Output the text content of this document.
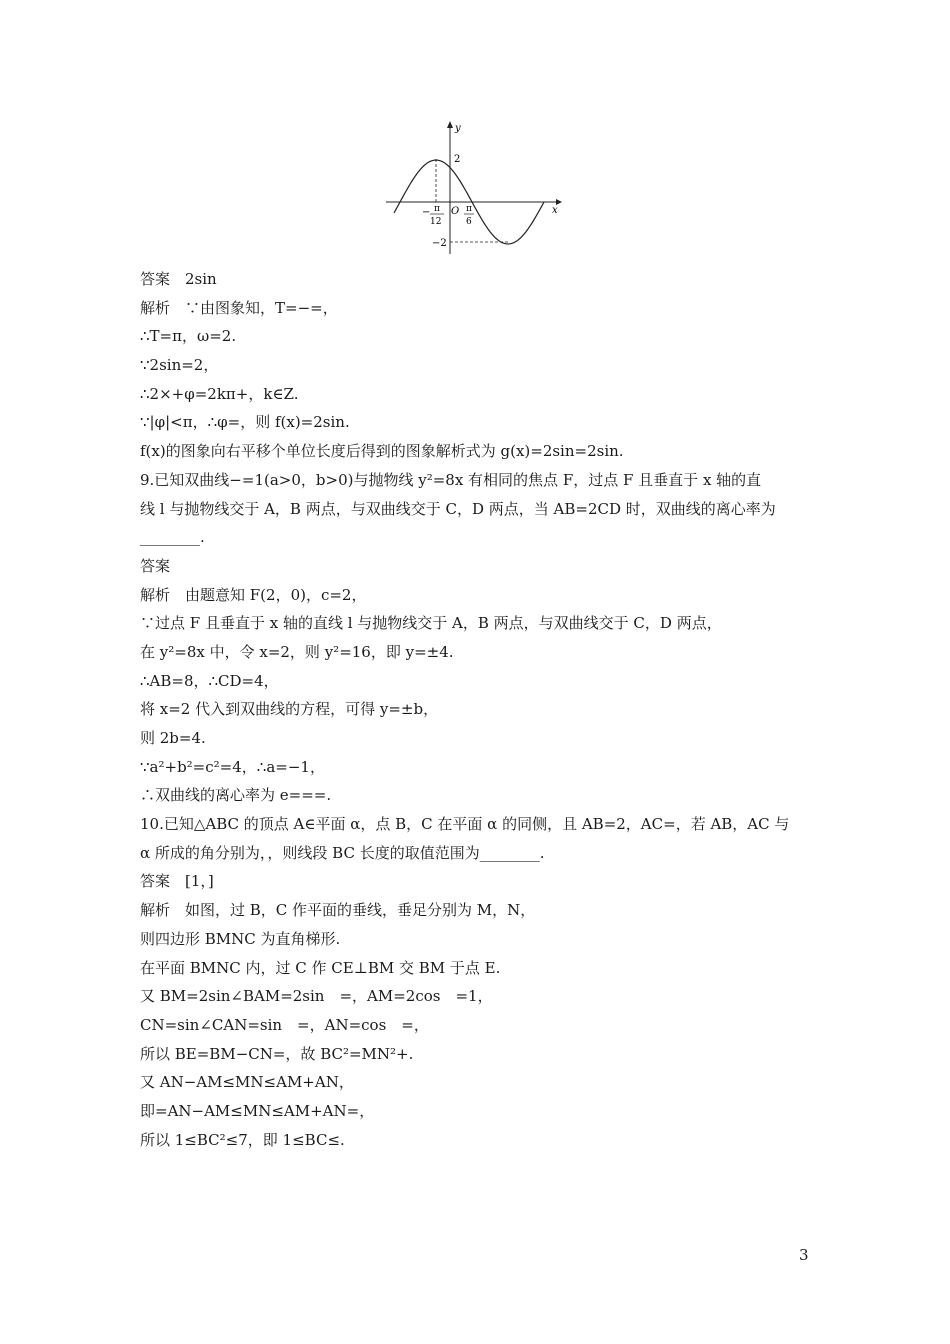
y
x
O
2
−2
− π
12
π
6
答案　2sin
解析　∵由图象知，T=−=，
∴T=π，ω=2.
∵2sin=2，
∴2×+φ=2kπ+，k∈Z.
∵|φ|<π，∴φ=，则 f(x)=2sin.
f(x)的图象向右平移个单位长度后得到的图象解析式为 g(x)=2sin=2sin.
9.已知双曲线−=1(a>0，b>0)与抛物线 y²=8x 有相同的焦点 F，过点 F 且垂直于 x 轴的直
线 l 与抛物线交于 A，B 两点，与双曲线交于 C，D 两点，当 AB=2CD 时，双曲线的离心率为
________.
答案
解析　由题意知 F(2，0)，c=2，
∵过点 F 且垂直于 x 轴的直线 l 与抛物线交于 A，B 两点，与双曲线交于 C，D 两点，
在 y²=8x 中，令 x=2，则 y²=16，即 y=±4.
∴AB=8，∴CD=4，
将 x=2 代入到双曲线的方程，可得 y=±b，
则 2b=4.
∵a²+b²=c²=4，∴a=−1，
∴双曲线的离心率为 e===.
10.已知△ABC 的顶点 A∈平面 α，点 B，C 在平面 α 的同侧，且 AB=2，AC=，若 AB，AC 与
α 所成的角分别为，，则线段 BC 长度的取值范围为________.
答案　[1，]
解析　如图，过 B，C 作平面的垂线，垂足分别为 M，N，
则四边形 BMNC 为直角梯形.
在平面 BMNC 内，过 C 作 CE⊥BM 交 BM 于点 E.
又 BM=2sin∠BAM=2sin　=，AM=2cos　=1，
CN=sin∠CAN=sin　=，AN=cos　=，
所以 BE=BM−CN=，故 BC²=MN²+.
又 AN−AM≤MN≤AM+AN，
即=AN−AM≤MN≤AM+AN=，
所以 1≤BC²≤7，即 1≤BC≤.
3
